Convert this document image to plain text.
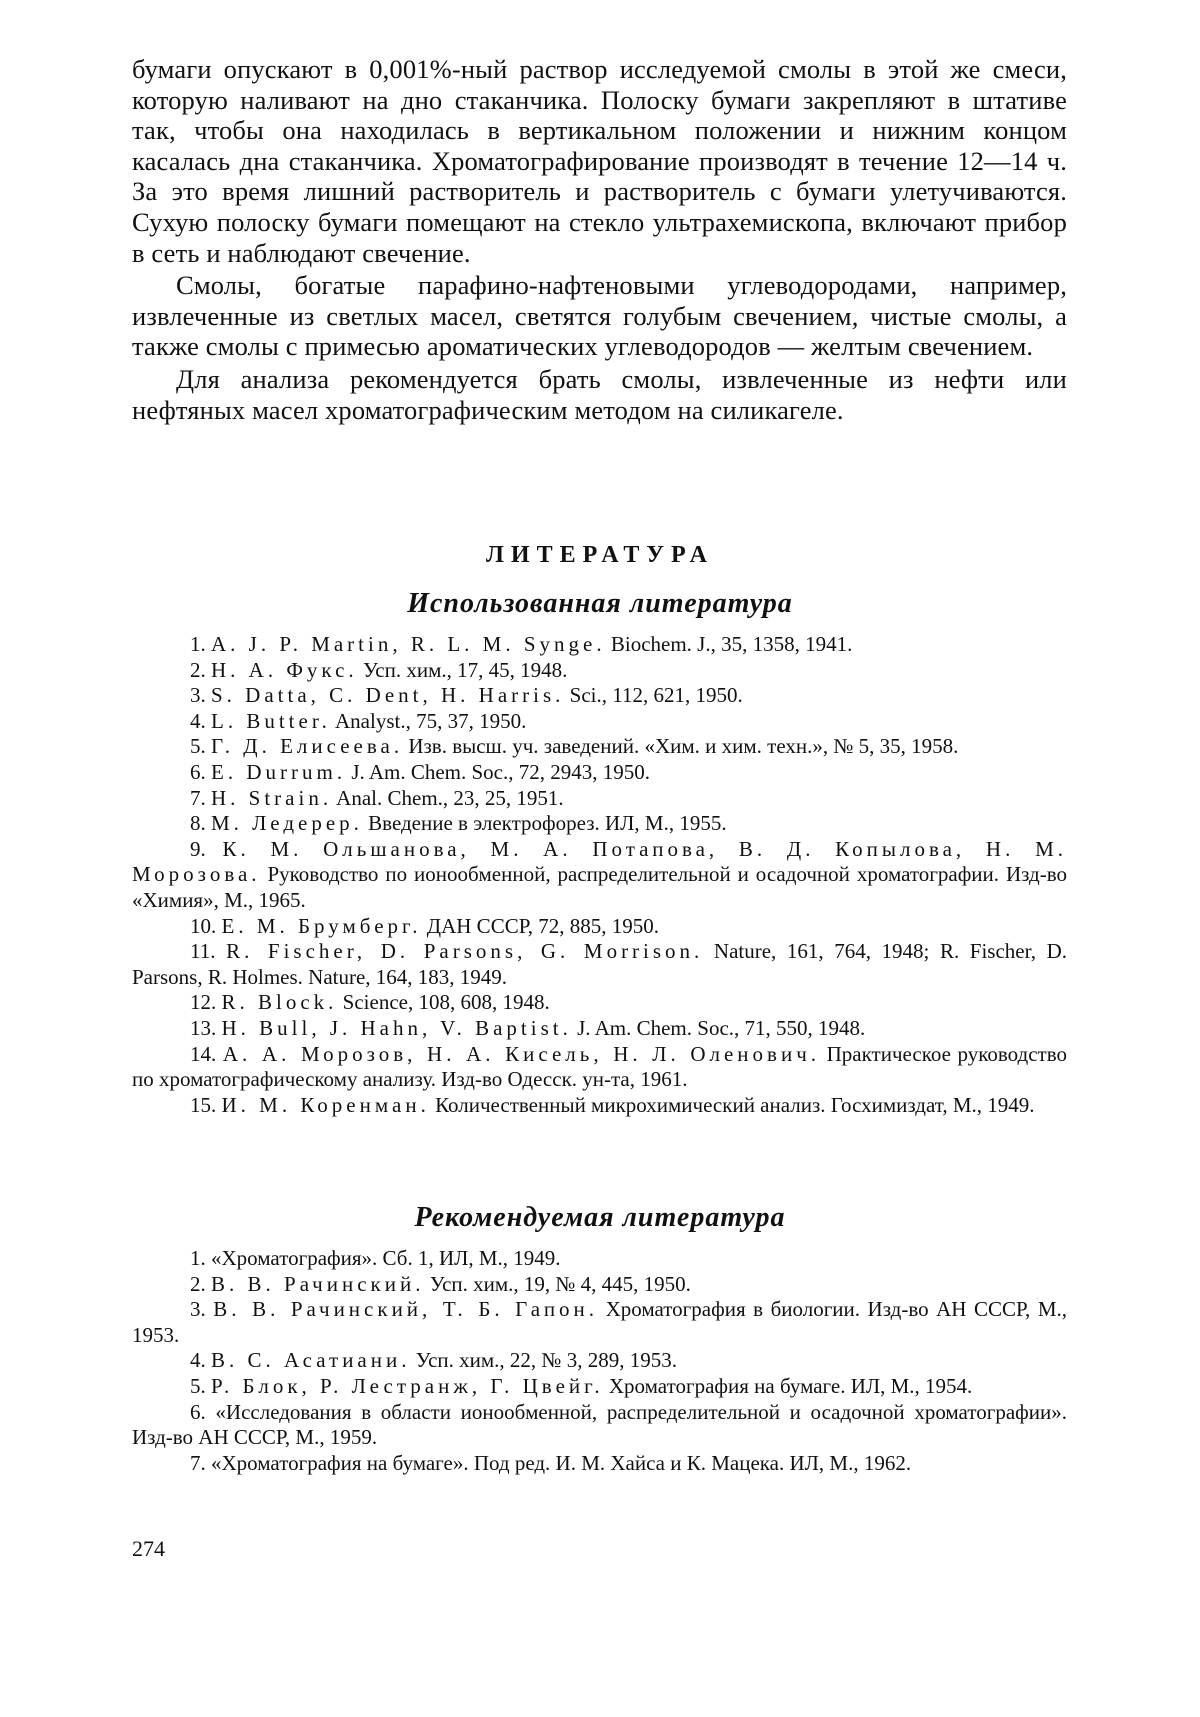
бумаги опускают в 0,001%-ный раствор исследуемой смолы в этой же смеси, которую наливают на дно стаканчика. Полоску бумаги закрепляют в штативе так, чтобы она находилась в вертикальном положении и нижним концом касалась дна стаканчика. Хроматографирование производят в течение 12—14 ч. За это время лишний растворитель и растворитель с бумаги улетучиваются. Сухую полоску бумаги помещают на стекло ультрахемископа, включают прибор в сеть и наблюдают свечение.

Смолы, богатые парафино-нафтеновыми углеводородами, например, извлеченные из светлых масел, светятся голубым свечением, чистые смолы, а также смолы с примесью ароматических углеводородов — желтым свечением.

Для анализа рекомендуется брать смолы, извлеченные из нефти или нефтяных масел хроматографическим методом на силикагеле.

ЛИТЕРАТУРА
Использованная литература
1. A. J. P. Martin, R. L. M. Synge. Biochem. J., 35, 1358, 1941.
2. Н. А. Фукс. Усп. хим., 17, 45, 1948.
3. S. Datta, C. Dent, H. Harris. Sci., 112, 621, 1950.
4. L. Butter. Analyst., 75, 37, 1950.
5. Г. Д. Елисеева. Изв. высш. уч. заведений. «Хим. и хим. техн.», № 5, 35, 1958.
6. E. Durrum. J. Am. Chem. Soc., 72, 2943, 1950.
7. H. Strain. Anal. Chem., 23, 25, 1951.
8. М. Ледерер. Введение в электрофорез. ИЛ, М., 1955.
9. К. М. Ольшанова, М. А. Потапова, В. Д. Копылова, Н. М. Морозова. Руководство по ионообменной, распределительной и осадочной хроматографии. Изд-во «Химия», М., 1965.
10. Е. М. Брумберг. ДАН СССР, 72, 885, 1950.
11. R. Fischer, D. Parsons, G. Morrison. Nature, 161, 764, 1948; R. Fischer, D. Parsons, R. Holmes. Nature, 164, 183, 1949.
12. R. Block. Science, 108, 608, 1948.
13. H. Bull, J. Hahn, V. Baptist. J. Am. Chem. Soc., 71, 550, 1948.
14. А. А. Морозов, Н. А. Кисель, Н. Л. Оленович. Практическое руководство по хроматографическому анализу. Изд-во Одесск. ун-та, 1961.
15. И. М. Коренман. Количественный микрохимический анализ. Госхимиздат, М., 1949.
Рекомендуемая литература
1. «Хроматография». Сб. 1, ИЛ, М., 1949.
2. В. В. Рачинский. Усп. хим., 19, № 4, 445, 1950.
3. В. В. Рачинский, Т. Б. Гапон. Хроматография в биологии. Изд-во АН СССР, М., 1953.
4. В. С. Асатиани. Усп. хим., 22, № 3, 289, 1953.
5. Р. Блок, Р. Лестранж, Г. Цвейг. Хроматография на бумаге. ИЛ, М., 1954.
6. «Исследования в области ионообменной, распределительной и осадочной хроматографии». Изд-во АН СССР, М., 1959.
7. «Хроматография на бумаге». Под ред. И. М. Хайса и К. Мацека. ИЛ, М., 1962.

274
